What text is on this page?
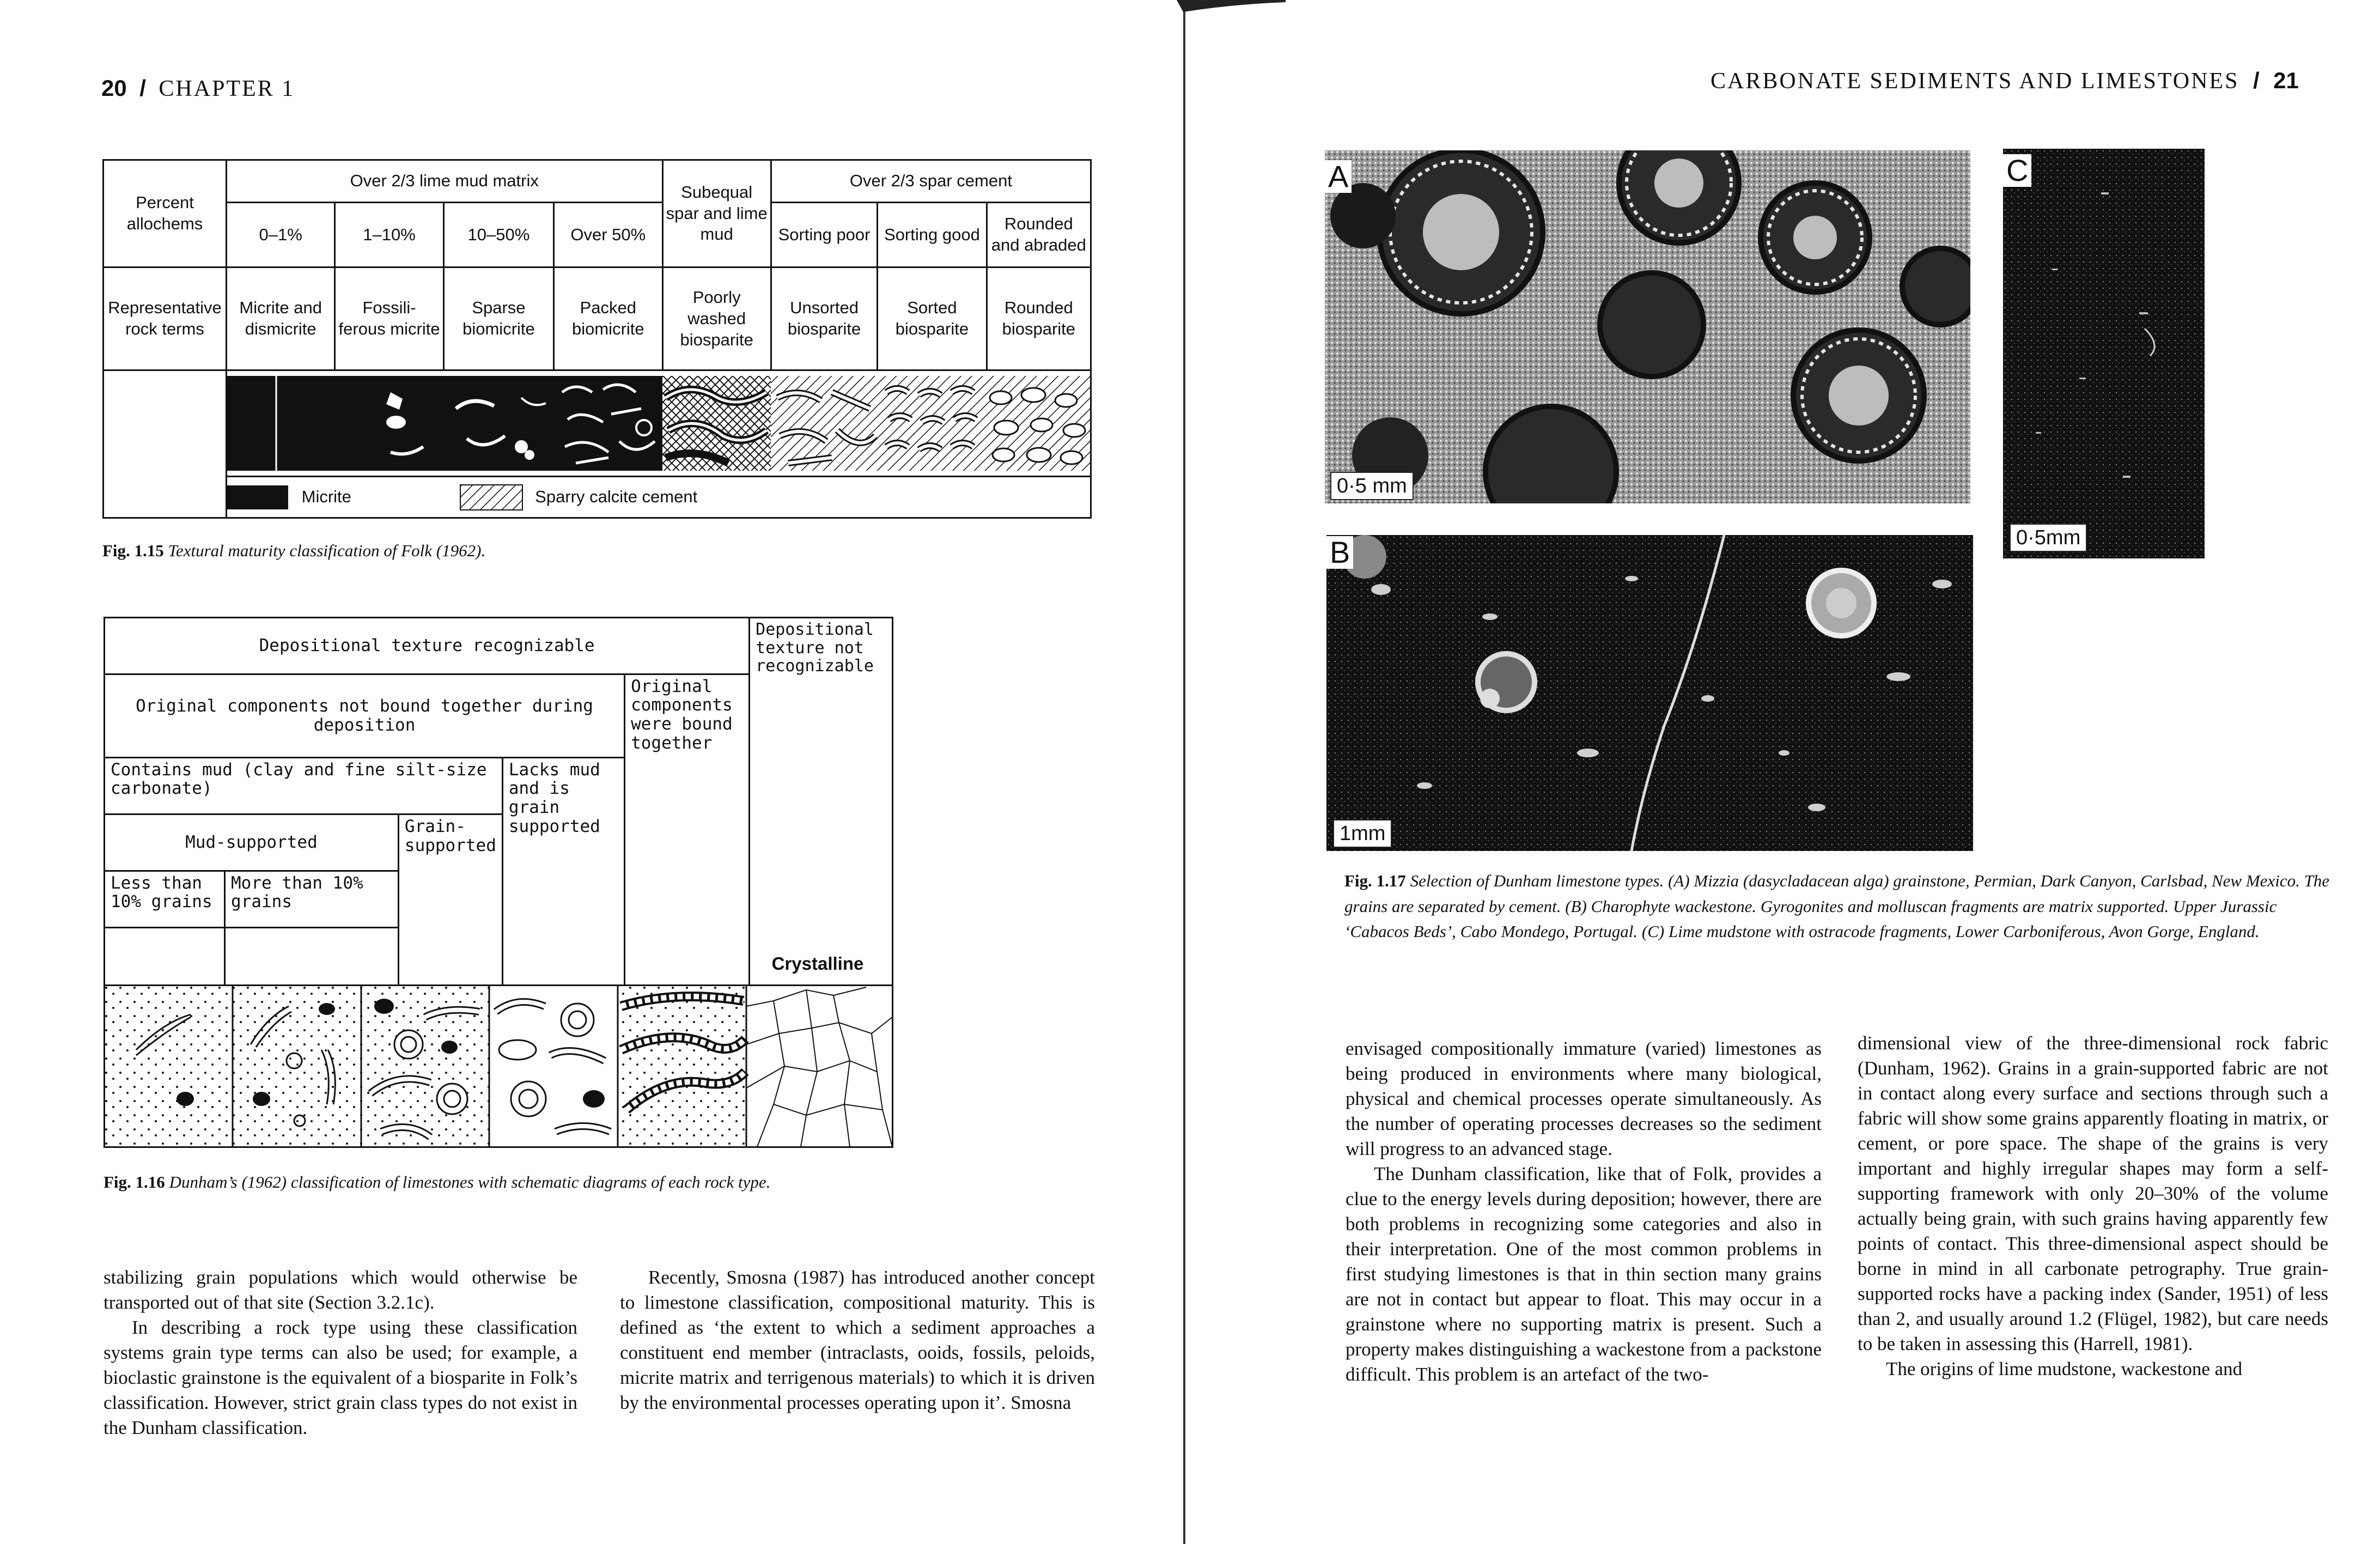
20 / CHAPTER 1
Percent allochems	Over 2/3 lime mud matrix				Subequal spar and lime mud	Over 2/3 spar cement		
	0–1%	1–10%	10–50%	Over 50%		Sorting poor	Sorting good	Rounded and abraded
Representative rock terms	Micrite and dismicrite	Fossili- ferous micrite	Sparse biomicrite	Packed biomicrite	Poorly washed biosparite	Unsorted biosparite	Sorted biosparite	Rounded biosparite

	Micrite Sparry calcite cement							
Fig. 1.15 Textural maturity classification of Folk (1962).
Depositional texture recognizable					Depositional texture not recognizable
Original components not bound together during deposition				Original components were bound together	
Contains mud (clay and fine silt-size carbonate)			Lacks mud and is grain supported		
Mud-supported		Grain- supported			
Less than 10% grains	More than 10% grains				

Crystalline
Fig. 1.16 Dunham’s (1962) classification of limestones with schematic diagrams of each rock type.

stabilizing grain populations which would otherwise be transported out of that site (Section 3.2.1c).

In describing a rock type using these classification systems grain type terms can also be used; for example, a bioclastic grainstone is the equivalent of a biosparite in Folk’s classification. However, strict grain class types do not exist in the Dunham classification.

Recently, Smosna (1987) has introduced another concept to limestone classification, compositional maturity. This is defined as ‘the extent to which a sediment approaches a constituent end member (intraclasts, ooids, fossils, peloids, micrite matrix and terrigenous materials) to which it is driven by the environmental processes operating upon it’. Smosna

CARBONATE SEDIMENTS AND LIMESTONES / 21
A
0·5 mm
C
0·5mm
B
1mm
Fig. 1.17 Selection of Dunham limestone types. (A) Mizzia (dasycladacean alga) grainstone, Permian, Dark Canyon, Carlsbad, New Mexico. The grains are separated by cement. (B) Charophyte wackestone. Gyrogonites and molluscan fragments are matrix supported. Upper Jurassic ‘Cabacos Beds’, Cabo Mondego, Portugal. (C) Lime mudstone with ostracode fragments, Lower Carboniferous, Avon Gorge, England.

envisaged compositionally immature (varied) limestones as being produced in environments where many biological, physical and chemical processes operate simultaneously. As the number of operating processes decreases so the sediment will progress to an advanced stage.

The Dunham classification, like that of Folk, provides a clue to the energy levels during deposition; however, there are both problems in recognizing some categories and also in their interpretation. One of the most common problems in first studying limestones is that in thin section many grains are not in contact but appear to float. This may occur in a grainstone where no supporting matrix is present. Such a property makes distinguishing a wackestone from a packstone difficult. This problem is an artefact of the two-

dimensional view of the three-dimensional rock fabric (Dunham, 1962). Grains in a grain-supported fabric are not in contact along every surface and sections through such a fabric will show some grains apparently floating in matrix, or cement, or pore space. The shape of the grains is very important and highly irregular shapes may form a self-supporting framework with only 20–30% of the volume actually being grain, with such grains having apparently few points of contact. This three-dimensional aspect should be borne in mind in all carbonate petrography. True grain-supported rocks have a packing index (Sander, 1951) of less than 2, and usually around 1.2 (Flügel, 1982), but care needs to be taken in assessing this (Harrell, 1981).

The origins of lime mudstone, wackestone and
